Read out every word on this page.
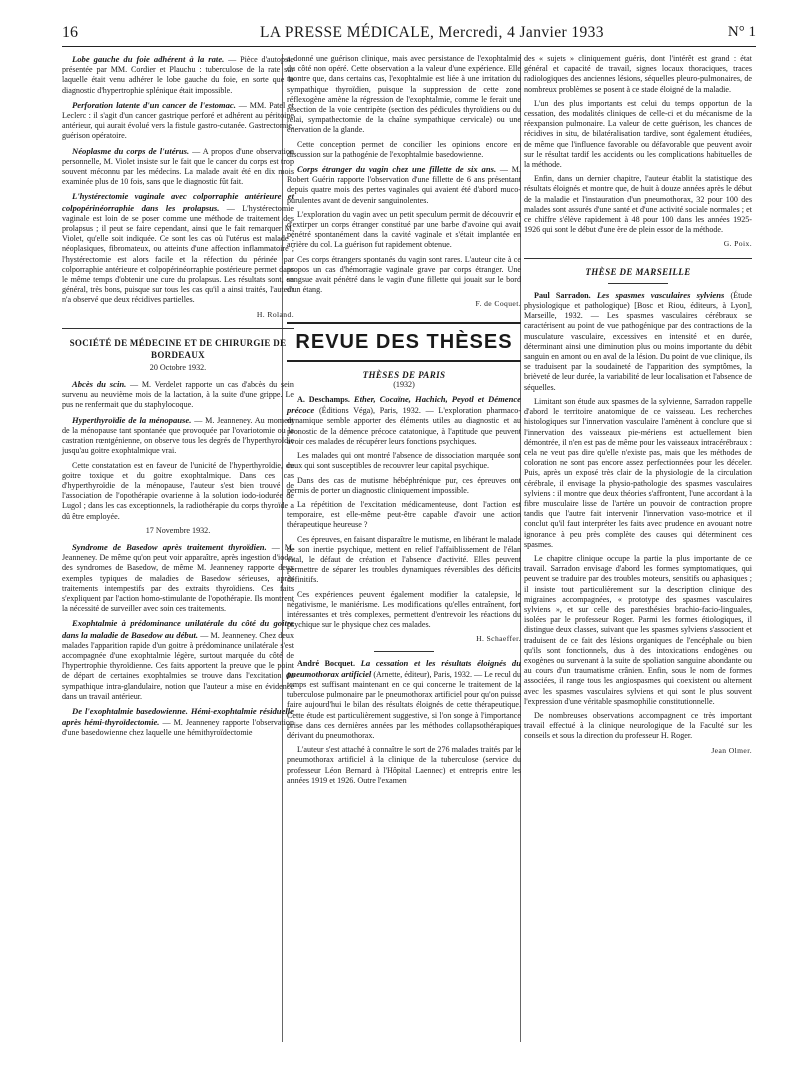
16	LA PRESSE MÉDICALE, Mercredi, 4 Janvier 1933	N° 1

Lobe gauche du foie adhérent à la rate. — Pièce d'autopsie présentée par MM. Cordier et Plauchu : tuberculose de la rate sur laquelle était venu adhérer le lobe gauche du foie, en sorte que le diagnostic d'hypertrophie splénique était impossible.

Perforation latente d'un cancer de l'estomac. — MM. Patel et Leclerc : il s'agit d'un cancer gastrique perforé et adhérent au péritoine antérieur, qui aurait évolué vers la fistule gastro-cutanée. Gastrectomie, guérison opératoire.

Néoplasme du corps de l'utérus. — A propos d'une observation personnelle, M. Violet insiste sur le fait que le cancer du corps est trop souvent méconnu par les médecins. La malade avait été en dix mois examinée plus de 10 fois, sans que le diagnostic fût fait.

L'hystérectomie vaginale avec colporraphie antérieure et colpopérinéorraphie dans les prolapsus. — L'hystérectomie vaginale est loin de se poser comme une méthode de traitement des prolapsus ; il peut se faire cependant, ainsi que le fait remarquer M. Violet, qu'elle soit indiquée. Ce sont les cas où l'utérus est malade : néoplasiques, fibromateux, ou atteints d'une affection inflammatoire ; l'hystérectomie est alors facile et la réfection du périnée par colporraphie antérieure et colpopérinéorraphie postérieure permet dans le même temps d'obtenir une cure du prolapsus. Les résultats sont, en général, très bons, puisque sur tous les cas qu'il a ainsi traités, l'auteur n'a observé que deux récidives partielles.

H. Roland.
SOCIÉTÉ DE MÉDECINE ET DE CHIRURGIE DE BORDEAUX
20 Octobre 1932.

Abcès du scin. — M. Verdelet rapporte un cas d'abcès du sein survenu au neuvième mois de la lactation, à la suite d'une grippe. Le pus ne renfermait que du staphylocoque.

Hyperthyroïdie de la ménopause. — M. Jeanneney. Au moment de la ménopause tant spontanée que provoquée par l'ovariotomie ou la castration rœntgénienne, on observe tous les degrés de l'hyperthyroïdie jusqu'au goitre exophtalmique vrai.

Cette constatation est en faveur de l'unicité de l'hyperthyroïdie, du goitre toxique et du goitre exophtalmique. Dans ces cas d'hyperthyroïdie de la ménopause, l'auteur s'est bien trouvé de l'association de l'opothérapie ovarienne à la solution iodo-iodurée de Lugol ; dans les cas exceptionnels, la radiothérapie du corps thyroïde a dû être employée.

17 Novembre 1932.

Syndrome de Basedow après traitement thyroïdien. — M. Jeanneney. De même qu'on peut voir apparaître, après ingestion d'iode, des syndromes de Basedow, de même M. Jeanneney rapporte deux exemples typiques de maladies de Basedow sérieuses, après traitements intempestifs par des extraits thyroïdiens. Ces faits s'expliquent par l'action homo-stimulante de l'opothérapie. Ils montrent la nécessité de surveiller avec soin ces traitements.

Exophtalmie à prédominance unilatérale du côté du goitre dans la maladie de Basedow au début. — M. Jeanneney. Chez deux malades l'apparition rapide d'un goitre à prédominance unilatérale s'est accompagnée d'une exophtalmie légère, surtout marquée du côté de l'hypertrophie thyroïdienne. Ces faits apportent la preuve que le point de départ de certaines exophtalmies se trouve dans l'excitation du sympathique intra-glandulaire, notion que l'auteur a mise en évidence dans un travail antérieur.

De l'exophtalmie basedowienne. Hémi-exophtalmie résiduelle après hémi-thyroïdectomie. — M. Jeanneney rapporte l'observation d'une basedowienne chez laquelle une hémithyroïdectomie

a donné une guérison clinique, mais avec persistance de l'exophtalmie du côté non opéré. Cette observation a la valeur d'une expérience. Elle montre que, dans certains cas, l'exophtalmie est liée à une irritation du sympathique thyroïdien, puisque la suppression de cette zone réflexogène amène la régression de l'exophtalmie, comme le ferait une résection de la voie centripète (section des pédicules thyroïdiens ou du relai, sympathectomie de la chaîne sympathique cervicale) ou une énervation de la glande.

Cette conception permet de concilier les opinions encore en discussion sur la pathogénie de l'exophtalmie basedowienne.

Corps étranger du vagin chez une fillette de six ans. — M. Robert Guérin rapporte l'observation d'une fillette de 6 ans présentant depuis quatre mois des pertes vaginales qui avaient été d'abord muco-purulentes avant de devenir sanguinolentes.

L'exploration du vagin avec un petit speculum permit de découvrir et d'extirper un corps étranger constitué par une barbe d'avoine qui avait pénétré spontanément dans la cavité vaginale et s'était implantée en arrière du col. La guérison fut rapidement obtenue.

Ces corps étrangers spontanés du vagin sont rares. L'auteur cite à ce propos un cas d'hémorragie vaginale grave par corps étranger. Une sangsue avait pénétré dans le vagin d'une fillette qui jouait sur le bord d'un étang.

F. de Coquet.
REVUE DES THÈSES
THÈSES DE PARIS
(1932)

A. Deschamps. Ether, Cocaïne, Hachich, Peyotl et Démence précoce (Éditions Véga), Paris, 1932. — L'exploration pharmaco-dynamique semble apporter des éléments utiles au diagnostic et au pronostic de la démence précoce catatonique, à l'aptitude que peuvent avoir ces malades de récupérer leurs fonctions psychiques.

Les malades qui ont montré l'absence de dissociation marquée sont ceux qui sont susceptibles de recouvrer leur capital psychique.

Dans des cas de mutisme hébéphrénique pur, ces épreuves ont permis de porter un diagnostic cliniquement impossible.

La répétition de l'excitation médicamenteuse, dont l'action est temporaire, est elle-même peut-être capable d'avoir une action thérapeutique heureuse ?

Ces épreuves, en faisant disparaître le mutisme, en libérant le malade de son inertie psychique, mettent en relief l'affaiblissement de l'élan vital, le défaut de création et l'absence d'activité. Elles peuvent permettre de séparer les troubles dynamiques réversibles des déficits définitifs.

Ces expériences peuvent également modifier la catalepsie, le négativisme, le maniérisme. Les modifications qu'elles entraînent, fort intéressantes et très complexes, permettent d'entrevoir les réactions du psychique sur le physique chez ces malades.

H. Schaeffer.

André Bocquet. La cessation et les résultats éloignés du pneumothorax artificiel (Arnette, éditeur), Paris, 1932. — Le recul du temps est suffisant maintenant en ce qui concerne le traitement de la tuberculose pulmonaire par le pneumothorax artificiel pour qu'on puisse faire aujourd'hui le bilan des résultats éloignés de cette thérapeutique. Cette étude est particulièrement suggestive, si l'on songe à l'importance prise dans ces dernières années par les méthodes collapsothérapiques dérivant du pneumothorax.

L'auteur s'est attaché à connaître le sort de 276 malades traités par le pneumothorax artificiel à la clinique de la tuberculose (service du professeur Léon Bernard à l'Hôpital Laennec) et entrepris entre les années 1919 et 1926. Outre l'examen

des « sujets » cliniquement guéris, dont l'intérêt est grand : état général et capacité de travail, signes locaux thoraciques, traces radiologiques des anciennes lésions, séquelles pleuro-pulmonaires, de nombreux problèmes se posent à ce stade éloigné de la maladie.

L'un des plus importants est celui du temps opportun de la cessation, des modalités cliniques de celle-ci et du mécanisme de la réexpansion pulmonaire. La valeur de cette guérison, les chances de récidives in situ, de bilatéralisation tardive, sont également étudiées, de même que l'influence favorable ou défavorable que peuvent avoir sur le résultat tardif les accidents ou les complications habituelles de la méthode.

Enfin, dans un dernier chapitre, l'auteur établit la statistique des résultats éloignés et montre que, de huit à douze années après le début de la maladie et l'instauration d'un pneumothorax, 32 pour 100 des malades sont assurés d'une santé et d'une activité sociale normales ; et ce chiffre s'élève rapidement à 48 pour 100 dans les années 1925-1926 qui sont le début d'une ère de plein essor de la méthode.

G. Poix.
THÈSE DE MARSEILLE

Paul Sarradon. Les spasmes vasculaires sylviens (Étude physiologique et pathologique) [Bosc et Riou, éditeurs, à Lyon], Marseille, 1932. — Les spasmes vasculaires cérébraux se caractérisent au point de vue pathogénique par des contractions de la musculature vasculaire, excessives en intensité et en durée, déterminant ainsi une diminution plus ou moins importante du débit sanguin en amont ou en aval de la lésion. Du point de vue clinique, ils se traduisent par la soudaineté de l'apparition des symptômes, la brièveté de leur durée, la variabilité de leur localisation et l'absence de séquelles.

Limitant son étude aux spasmes de la sylvienne, Sarradon rappelle d'abord le territoire anatomique de ce vaisseau. Les recherches histologiques sur l'innervation vasculaire l'amènent à conclure que si l'innervation des vaisseaux pie-mériens est actuellement bien démontrée, il n'en est pas de même pour les vaisseaux intracérébraux : cela ne veut pas dire qu'elle n'existe pas, mais que les méthodes de coloration ne sont pas encore assez perfectionnées pour les déceler. Puis, après un exposé très clair de la physiologie de la circulation cérébrale, il envisage la physio-pathologie des spasmes vasculaires sylviens : il montre que deux théories s'affrontent, l'une accordant à la fibre musculaire lisse de l'artère un pouvoir de contraction propre tandis que l'autre fait intervenir l'innervation vaso-motrice et il conclut qu'il faut interpréter les faits avec prudence en avouant notre ignorance à peu près complète des causes qui déterminent ces spasmes.

Le chapitre clinique occupe la partie la plus importante de ce travail. Sarradon envisage d'abord les formes symptomatiques, qui peuvent se traduire par des troubles moteurs, sensitifs ou aphasiques ; il insiste tout particulièrement sur la description clinique des migraines accompagnées, « prototype des spasmes vasculaires sylviens », et sur celle des paresthésies brachio-facio-linguales, isolées par le professeur Roger. Parmi les formes étiologiques, il distingue deux classes, suivant que les spasmes sylviens s'associent et traduisent de ce fait des lésions organiques de l'encéphale ou bien qu'ils sont fonctionnels, dus à des intoxications endogènes ou exogènes ou survenant à la suite de spoliation sanguine abondante ou au cours d'un traumatisme crânien. Enfin, sous le nom de formes associées, il range tous les angiospasmes qui coexistent ou alternent avec les spasmes vasculaires sylviens et qui sont le plus souvent l'expression d'une véritable spasmophilie constitutionnelle.

De nombreuses observations accompagnent ce très important travail effectué à la clinique neurologique de la Faculté sur les conseils et sous la direction du professeur H. Roger.

Jean Olmer.
